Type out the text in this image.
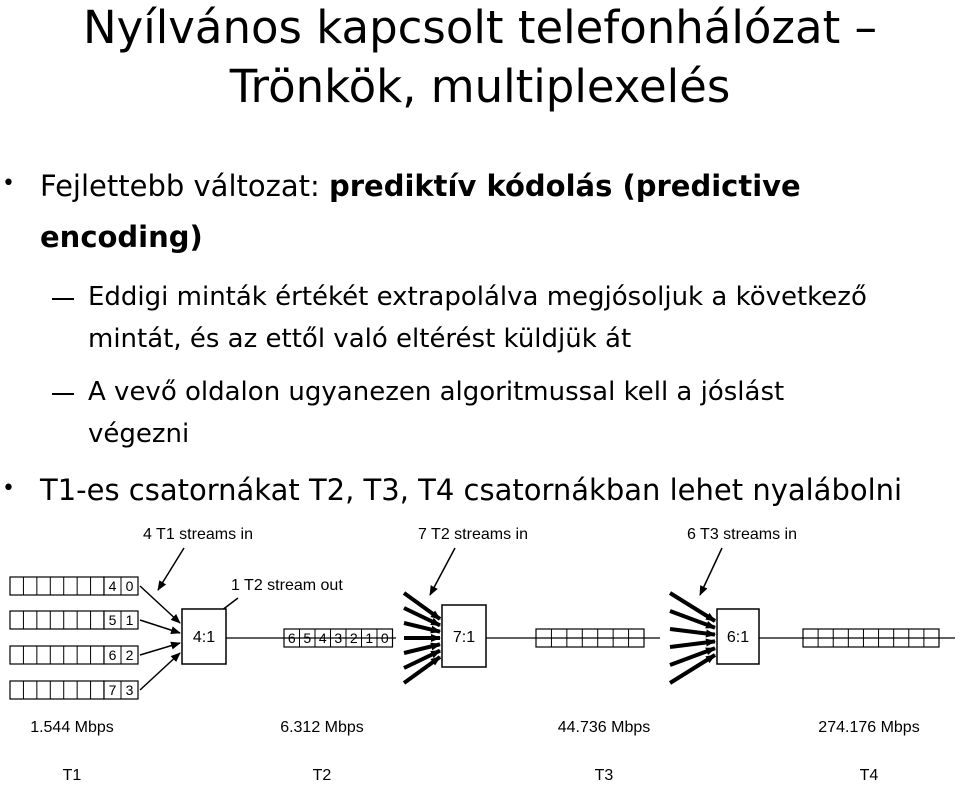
Nyílvános kapcsolt telefonhálózat –
Trönkök, multiplexelés
• Fejlettebb változat: prediktív kódolás (predictive
encoding)
Eddigi minták értékét extrapolálva megjósoljuk a következő
mintát, és az ettől való eltérést küldjük át
A vevő oldalon ugyanezen algoritmussal kell a jóslást
végezni
• T1-es csatornákat T2, T3, T4 csatornákban lehet nyalábolni
4 T1 streams in	7 T2 streams in	6 T3 streams in
1 T2 stream out
4 0
5 1
6 2
7 3
4:1	6 5 4 3 2 1 0	7:1	6:1
1.544 Mbps	6.312 Mbps	44.736 Mbps	274.176 Mbps
T1	T2	T3	T4
